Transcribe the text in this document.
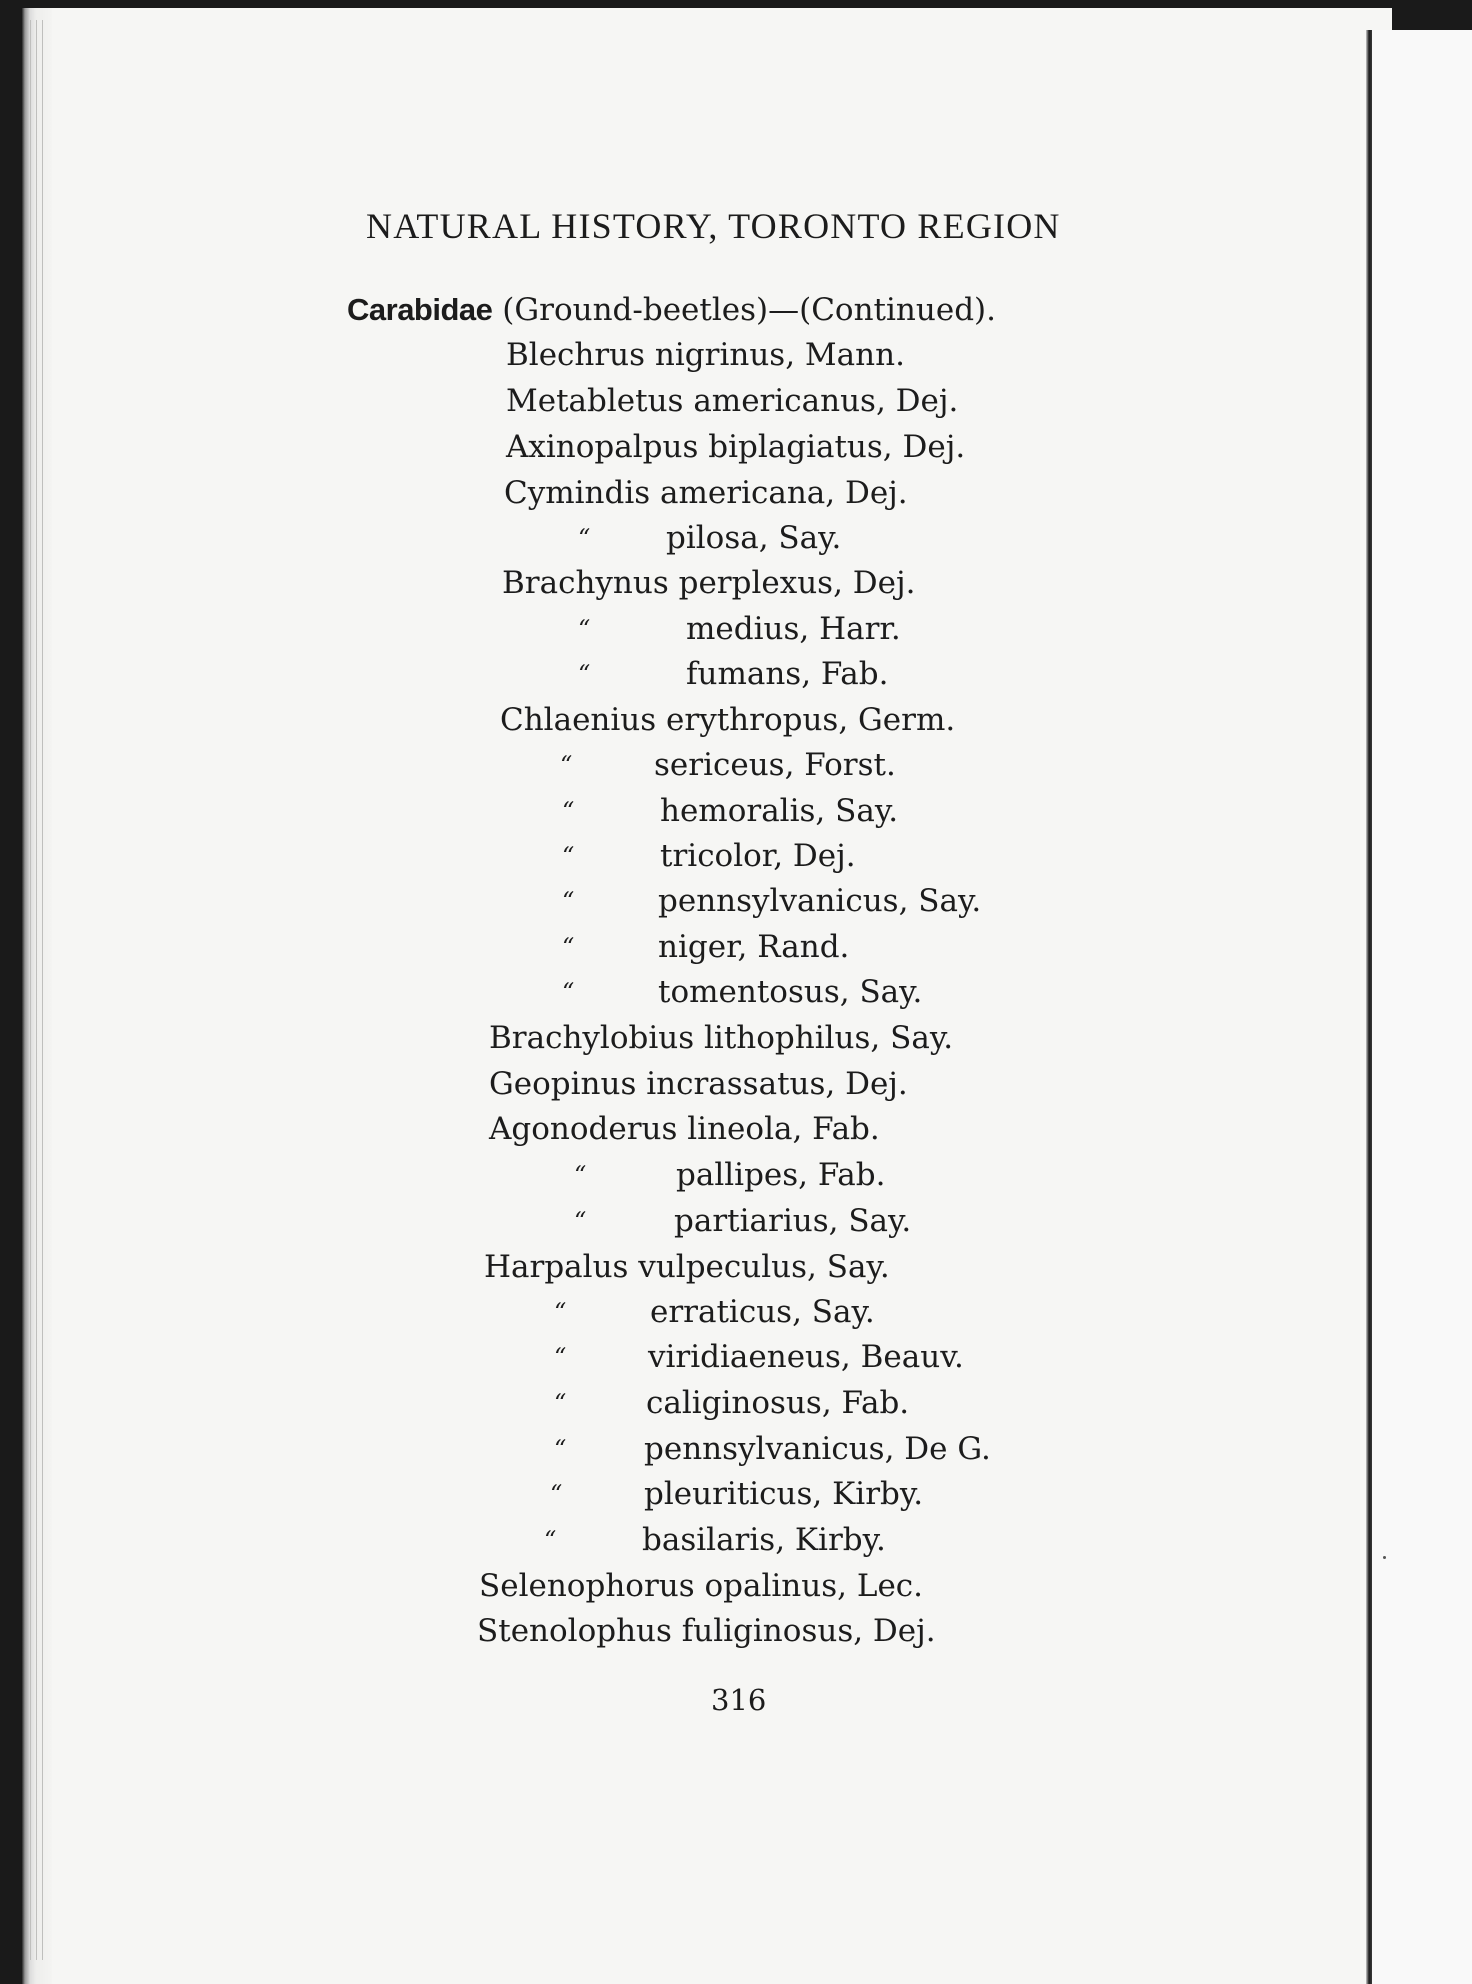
NATURAL HISTORY, TORONTO REGION
Carabidae (Ground-beetles)—(Continued).
Blechrus nigrinus, Mann.
Metabletus americanus, Dej.
Axinopalpus biplagiatus, Dej.
Cymindis americana, Dej.
“ pilosa, Say.
Brachynus perplexus, Dej.
“	medius, Harr.
“	fumans, Fab.
Chlaenius erythropus, Germ.
“	sericeus, Forst.
“	hemoralis, Say.
“	tricolor, Dej.
“	pennsylvanicus, Say.
“	niger, Rand.
“	tomentosus, Say.
Brachylobius lithophilus, Say.
Geopinus incrassatus, Dej.
Agonoderus lineola, Fab.
“	pallipes, Fab.
“	partiarius, Say.
Harpalus vulpeculus, Say.
“	erraticus, Say.
“	viridiaeneus, Beauv.
“	caliginosus, Fab.
“	pennsylvanicus, De G.
“	pleuriticus, Kirby.
“	basilaris, Kirby.
Selenophorus opalinus, Lec.
Stenolophus fuliginosus, Dej.
316
